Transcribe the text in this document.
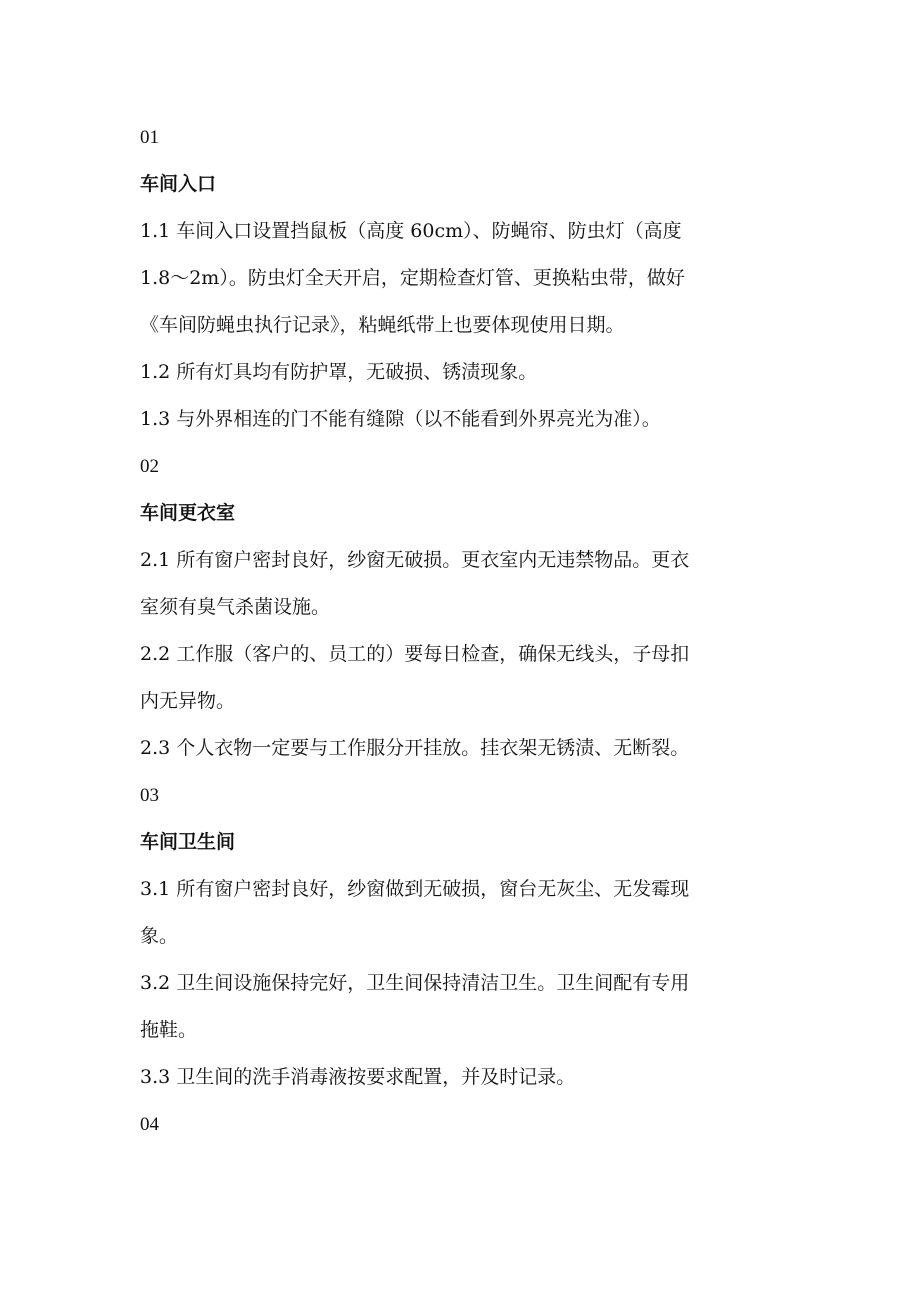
01
车间入口
1.1 车间入口设置挡鼠板（高度 60cm）、防蝇帘、防虫灯（高度
1.8～2m）。防虫灯全天开启，定期检查灯管、更换粘虫带，做好
《车间防蝇虫执行记录》，粘蝇纸带上也要体现使用日期。
1.2 所有灯具均有防护罩，无破损、锈渍现象。
1.3 与外界相连的门不能有缝隙（以不能看到外界亮光为准）。
02
车间更衣室
2.1 所有窗户密封良好，纱窗无破损。更衣室内无违禁物品。更衣
室须有臭气杀菌设施。
2.2 工作服（客户的、员工的）要每日检查，确保无线头，子母扣
内无异物。
2.3 个人衣物一定要与工作服分开挂放。挂衣架无锈渍、无断裂。
03
车间卫生间
3.1 所有窗户密封良好，纱窗做到无破损，窗台无灰尘、无发霉现
象。
3.2 卫生间设施保持完好，卫生间保持清洁卫生。卫生间配有专用
拖鞋。
3.3 卫生间的洗手消毒液按要求配置，并及时记录。
04
